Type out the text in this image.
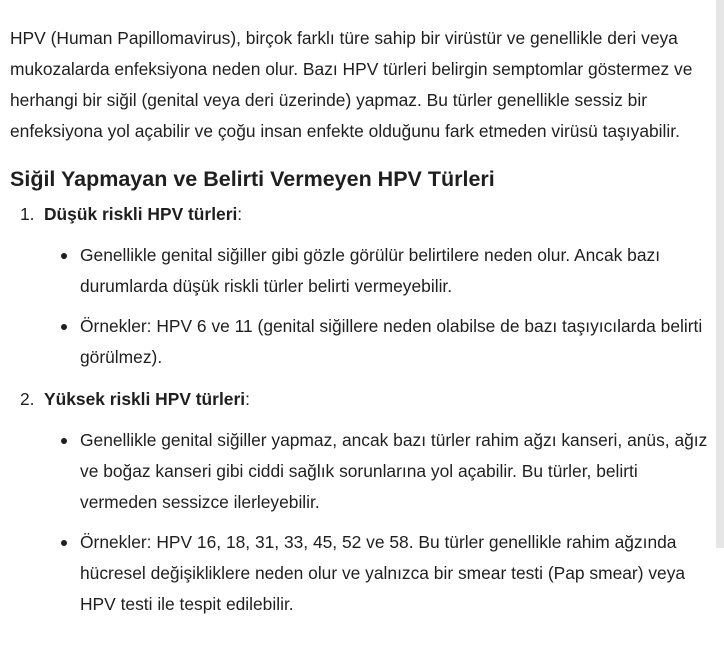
HPV (Human Papillomavirus), birçok farklı türe sahip bir virüstür ve genellikle deri veya mukozalarda enfeksiyona neden olur. Bazı HPV türleri belirgin semptomlar göstermez ve herhangi bir siğil (genital veya deri üzerinde) yapmaz. Bu türler genellikle sessiz bir enfeksiyona yol açabilir ve çoğu insan enfekte olduğunu fark etmeden virüsü taşıyabilir.

Siğil Yapmayan ve Belirti Vermeyen HPV Türleri
1. Düşük riskli HPV türleri:
Genellikle genital siğiller gibi gözle görülür belirtilere neden olur. Ancak bazı durumlarda düşük riskli türler belirti vermeyebilir.
Örnekler: HPV 6 ve 11 (genital siğillere neden olabilse de bazı taşıyıcılarda belirti görülmez).
2. Yüksek riskli HPV türleri:
Genellikle genital siğiller yapmaz, ancak bazı türler rahim ağzı kanseri, anüs, ağız ve boğaz kanseri gibi ciddi sağlık sorunlarına yol açabilir. Bu türler, belirti vermeden sessizce ilerleyebilir.
Örnekler: HPV 16, 18, 31, 33, 45, 52 ve 58. Bu türler genellikle rahim ağzında hücresel değişikliklere neden olur ve yalnızca bir smear testi (Pap smear) veya HPV testi ile tespit edilebilir.
